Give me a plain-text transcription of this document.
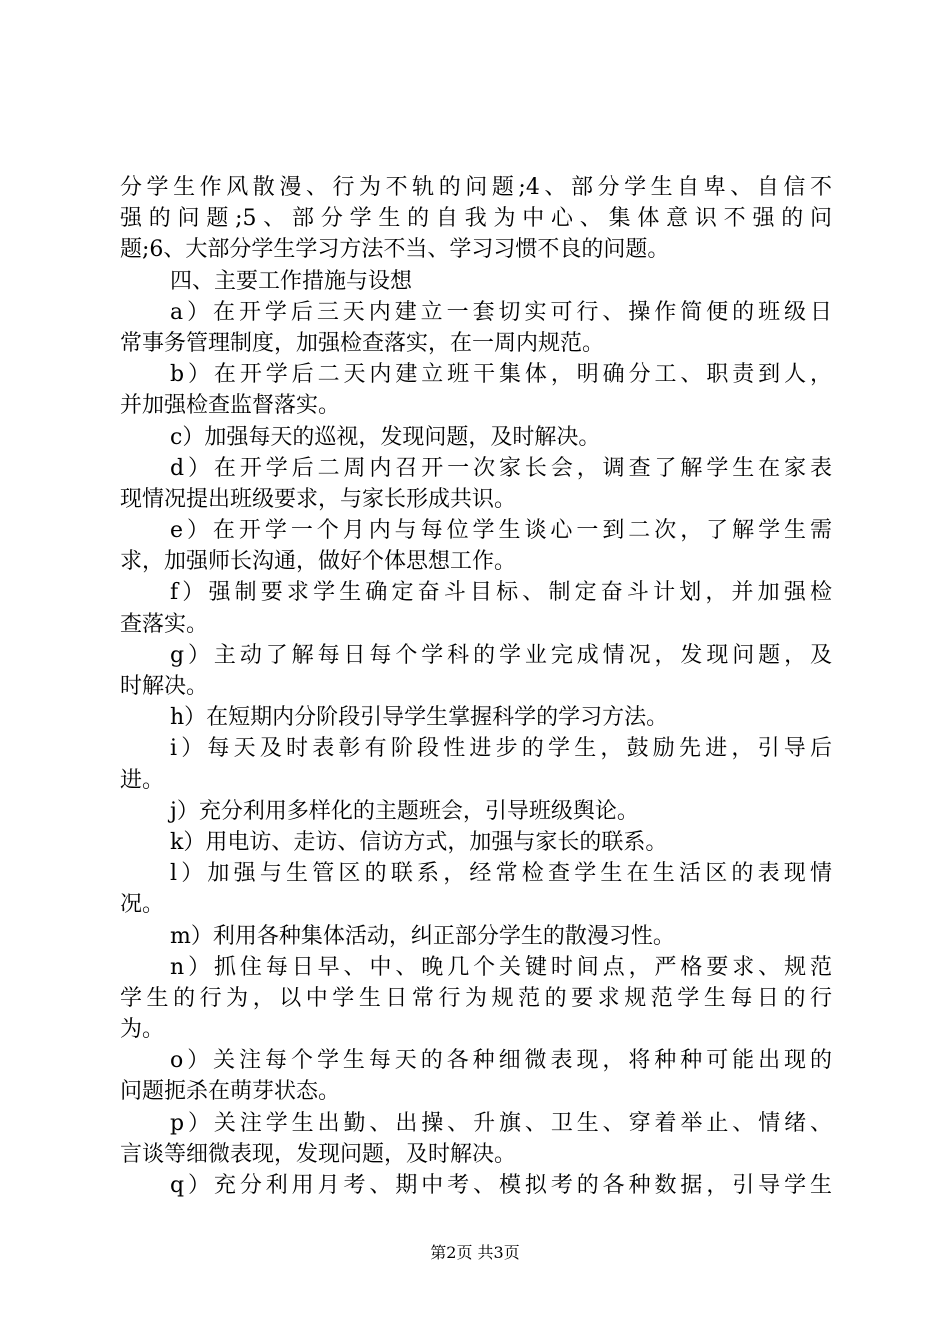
分学生作风散漫、行为不轨的问题;4、部分学生自卑、自信不
强的问题;5、部分学生的自我为中心、集体意识不强的问
题;6、大部分学生学习方法不当、学习习惯不良的问题。
四、主要工作措施与设想
a）在开学后三天内建立一套切实可行、操作简便的班级日
常事务管理制度，加强检查落实，在一周内规范。
b）在开学后二天内建立班干集体，明确分工、职责到人，
并加强检查监督落实。
c）加强每天的巡视，发现问题，及时解决。
d）在开学后二周内召开一次家长会，调查了解学生在家表
现情况提出班级要求，与家长形成共识。
e）在开学一个月内与每位学生谈心一到二次，了解学生需
求，加强师长沟通，做好个体思想工作。
f）强制要求学生确定奋斗目标、制定奋斗计划，并加强检
查落实。
g）主动了解每日每个学科的学业完成情况，发现问题，及
时解决。
h）在短期内分阶段引导学生掌握科学的学习方法。
i）每天及时表彰有阶段性进步的学生，鼓励先进，引导后
进。
j）充分利用多样化的主题班会，引导班级舆论。
k）用电访、走访、信访方式，加强与家长的联系。
l）加强与生管区的联系，经常检查学生在生活区的表现情
况。
m）利用各种集体活动，纠正部分学生的散漫习性。
n）抓住每日早、中、晚几个关键时间点，严格要求、规范
学生的行为，以中学生日常行为规范的要求规范学生每日的行
为。
o）关注每个学生每天的各种细微表现，将种种可能出现的
问题扼杀在萌芽状态。
p）关注学生出勤、出操、升旗、卫生、穿着举止、情绪、
言谈等细微表现，发现问题，及时解决。
q）充分利用月考、期中考、模拟考的各种数据，引导学生
第2页 共3页
